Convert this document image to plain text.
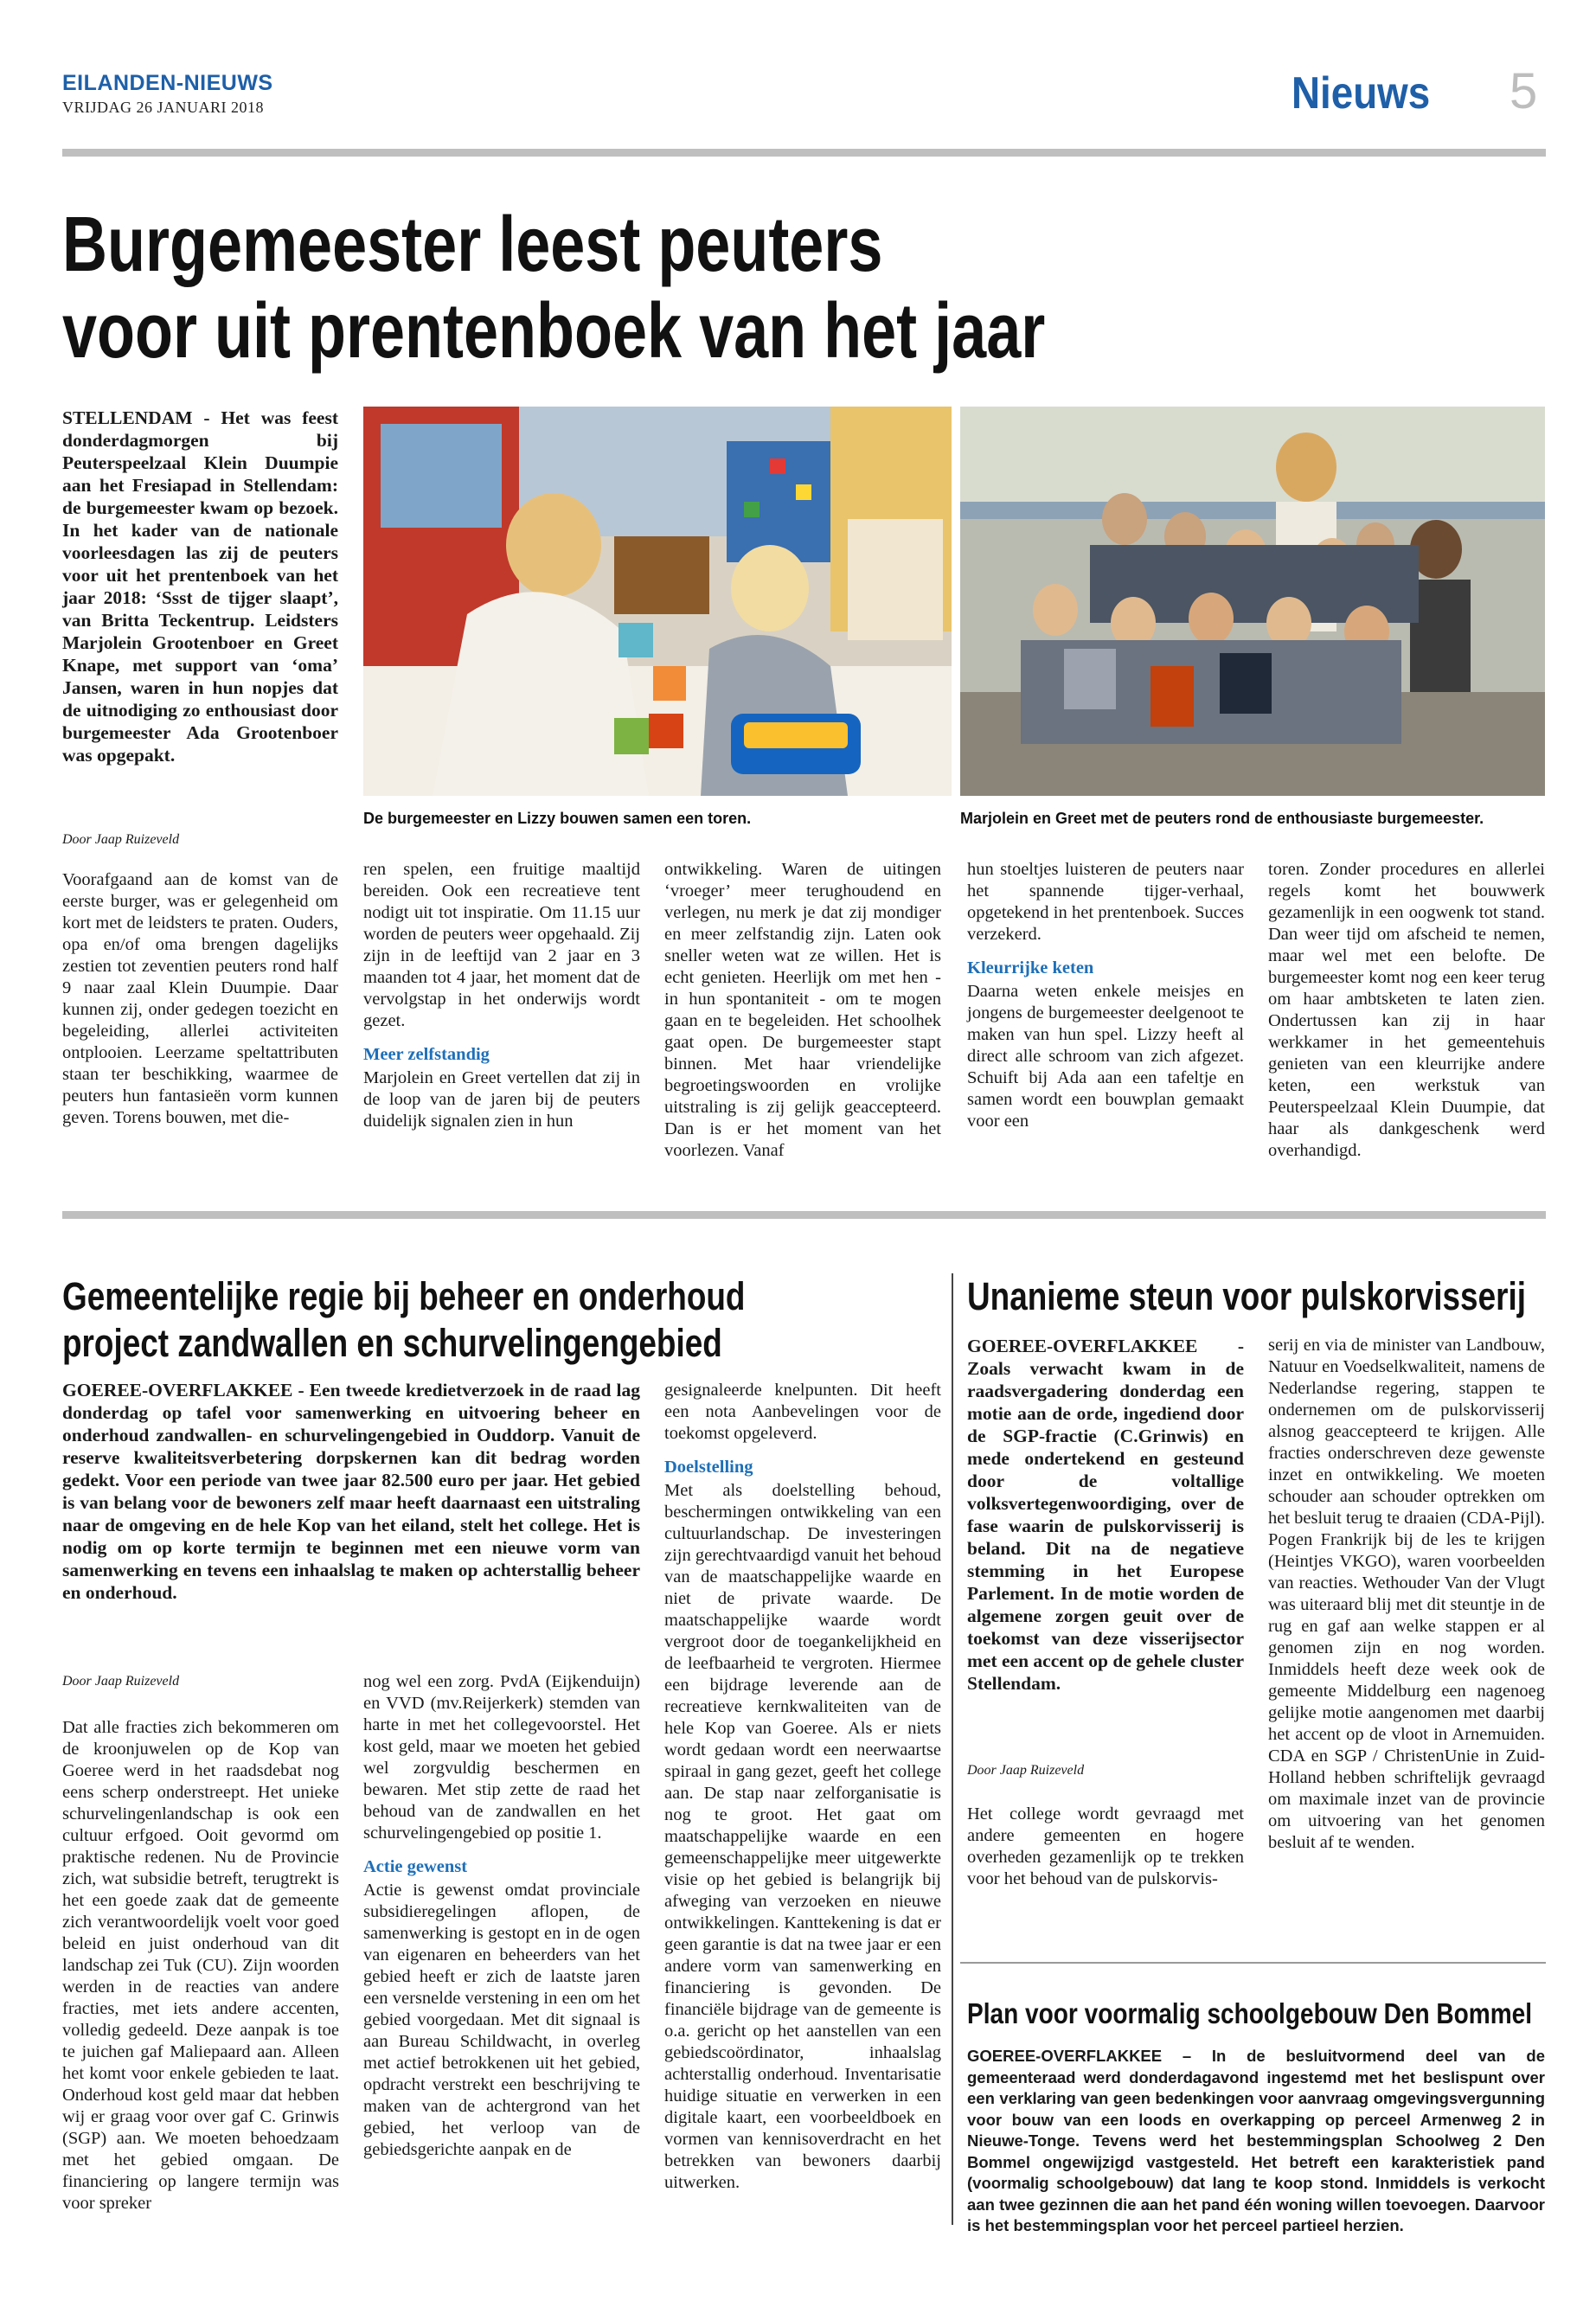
EILANDEN-NIEUWS
VRIJDAG 26 JANUARI 2018	Nieuws 5
Burgemeester leest peuters
voor uit prentenboek van het jaar

STELLENDAM - Het was feest donderdagmorgen bij Peuterspeelzaal Klein Duumpie aan het Fresiapad in Stellendam: de burgemeester kwam op bezoek. In het kader van de nationale voorleesdagen las zij de peuters voor uit het prentenboek van het jaar 2018: ‘Ssst de tijger slaapt’, van Britta Teckentrup. Leidsters Marjolein Grootenboer en Greet Knape, met support van ‘oma’ Jansen, waren in hun nopjes dat de uitnodiging zo enthousiast door burgemeester Ada Grootenboer was opgepakt.

Door Jaap Ruizeveld

Voorafgaand aan de komst van de eerste burger, was er gelegenheid om kort met de leidsters te praten. Ouders, opa en/of oma brengen dagelijks zestien tot zeventien peuters rond half 9 naar zaal Klein Duumpie. Daar kunnen zij, onder gedegen toezicht en begeleiding, allerlei activiteiten ontplooien. Leerzame speltattributen staan ter beschikking, waarmee de peuters hun fantasieën vorm kunnen geven. Torens bouwen, met die-

De burgemeester en Lizzy bouwen samen een toren.	Marjolein en Greet met de peuters rond de enthousiaste burgemeester.

ren spelen, een fruitige maaltijd bereiden. Ook een recreatieve tent nodigt uit tot inspiratie. Om 11.15 uur worden de peuters weer opgehaald. Zij zijn in de leeftijd van 2 jaar en 3 maanden tot 4 jaar, het moment dat de vervolgstap in het onderwijs wordt gezet.

Meer zelfstandig

Marjolein en Greet vertellen dat zij in de loop van de jaren bij de peuters duidelijk signalen zien in hun

ontwikkeling. Waren de uitingen ‘vroeger’ meer terughoudend en verlegen, nu merk je dat zij mondiger en meer zelfstandig zijn. Laten ook sneller weten wat ze willen. Het is echt genieten. Heerlijk om met hen - in hun spontaniteit - om te mogen gaan en te begeleiden. Het schoolhek gaat open. De burgemeester stapt binnen. Met haar vriendelijke begroetingswoorden en vrolijke uitstraling is zij gelijk geaccepteerd. Dan is er het moment van het voorlezen. Vanaf

hun stoeltjes luisteren de peuters naar het spannende tijger-verhaal, opgetekend in het prentenboek. Succes verzekerd.

Kleurrijke keten

Daarna weten enkele meisjes en jongens de burgemeester deelgenoot te maken van hun spel. Lizzy heeft al direct alle schroom van zich afgezet. Schuift bij Ada aan een tafeltje en samen wordt een bouwplan gemaakt voor een

toren. Zonder procedures en allerlei regels komt het bouwwerk gezamenlijk in een oogwenk tot stand. Dan weer tijd om afscheid te nemen, maar wel met een belofte. De burgemeester komt nog een keer terug om haar ambtsketen te laten zien. Ondertussen kan zij in haar werkkamer in het gemeentehuis genieten van een kleurrijke andere keten, een werkstuk van Peuterspeelzaal Klein Duumpie, dat haar als dankgeschenk werd overhandigd.

Gemeentelijke regie bij beheer en onderhoud
project zandwallen en schurvelingengebied

GOEREE-OVERFLAKKEE - Een tweede kredietverzoek in de raad lag donderdag op tafel voor samenwerking en uitvoering beheer en onderhoud zandwallen- en schurvelingengebied in Ouddorp. Vanuit de reserve kwaliteitsverbetering dorpskernen kan dit bedrag worden gedekt. Voor een periode van twee jaar 82.500 euro per jaar. Het gebied is van belang voor de bewoners zelf maar heeft daarnaast een uitstraling naar de omgeving en de hele Kop van het eiland, stelt het college. Het is nodig om op korte termijn te beginnen met een nieuwe vorm van samenwerking en tevens een inhaalslag te maken op achterstallig beheer en onderhoud.

Door Jaap Ruizeveld

Dat alle fracties zich bekommeren om de kroonjuwelen op de Kop van Goeree werd in het raadsdebat nog eens scherp onderstreept. Het unieke schurvelingenlandschap is ook een cultuur erfgoed. Ooit gevormd om praktische redenen. Nu de Provincie zich, wat subsidie betreft, terugtrekt is het een goede zaak dat de gemeente zich verantwoordelijk voelt voor goed beleid en juist onderhoud van dit landschap zei Tuk (CU). Zijn woorden werden in de reacties van andere fracties, met iets andere accenten, volledig gedeeld. Deze aanpak is toe te juichen gaf Maliepaard aan. Alleen het komt voor enkele gebieden te laat. Onderhoud kost geld maar dat hebben wij er graag voor over gaf C. Grinwis (SGP) aan. We moeten behoedzaam met het gebied omgaan. De financiering op langere termijn was voor spreker

nog wel een zorg. PvdA (Eijkenduijn) en VVD (mv.Reijerkerk) stemden van harte in met het collegevoorstel. Het kost geld, maar we moeten het gebied wel zorgvuldig beschermen en bewaren. Met stip zette de raad het behoud van de zandwallen en het schurvelingengebied op positie 1.

Actie gewenst

Actie is gewenst omdat provinciale subsidieregelingen aflopen, de samenwerking is gestopt en in de ogen van eigenaren en beheerders van het gebied heeft er zich de laatste jaren een versnelde verstening in een om het gebied voorgedaan. Met dit signaal is aan Bureau Schildwacht, in overleg met actief betrokkenen uit het gebied, opdracht verstrekt een beschrijving te maken van de achtergrond van het gebied, het verloop van de gebiedsgerichte aanpak en de

gesignaleerde knelpunten. Dit heeft een nota Aanbevelingen voor de toekomst opgeleverd.

Doelstelling

Met als doelstelling behoud, beschermingen ontwikkeling van een cultuurlandschap. De investeringen zijn gerechtvaardigd vanuit het behoud van de maatschappelijke waarde en niet de private waarde. De maatschappelijke waarde wordt vergroot door de toegankelijkheid en de leefbaarheid te vergroten. Hiermee een bijdrage leverende aan de recreatieve kernkwaliteiten van de hele Kop van Goeree. Als er niets wordt gedaan wordt een neerwaartse spiraal in gang gezet, geeft het college aan. De stap naar zelforganisatie is nog te groot. Het gaat om maatschappelijke waarde en een gemeenschappelijke meer uitgewerkte visie op het gebied is belangrijk bij afweging van verzoeken en nieuwe ontwikkelingen. Kanttekening is dat er geen garantie is dat na twee jaar er een andere vorm van samenwerking en financiering is gevonden. De financiële bijdrage van de gemeente is o.a. gericht op het aanstellen van een gebiedscoördinator, inhaalslag achterstallig onderhoud. Inventarisatie huidige situatie en verwerken in een digitale kaart, een voorbeeldboek en vormen van kennisoverdracht en het betrekken van bewoners daarbij uitwerken.

Unanieme steun voor pulskorvisserij

GOEREE-OVERFLAKKEE - Zoals verwacht kwam in de raadsvergadering donderdag een motie aan de orde, ingediend door de SGP-fractie (C.Grinwis) en mede ondertekend en gesteund door de voltallige volksvertegenwoordiging, over de fase waarin de pulskorvisserij is beland. Dit na de negatieve stemming in het Europese Parlement. In de motie worden de algemene zorgen geuit over de toekomst van deze visserijsector met een accent op de gehele cluster Stellendam.

Door Jaap Ruizeveld

Het college wordt gevraagd met andere gemeenten en hogere overheden gezamenlijk op te trekken voor het behoud van de pulskorvis-

serij en via de minister van Landbouw, Natuur en Voedselkwaliteit, namens de Nederlandse regering, stappen te ondernemen om de pulskorvisserij alsnog geaccepteerd te krijgen. Alle fracties onderschreven deze gewenste inzet en ontwikkeling. We moeten schouder aan schouder optrekken om het besluit terug te draaien (CDA-Pijl). Pogen Frankrijk bij de les te krijgen (Heintjes VKGO), waren voorbeelden van reacties. Wethouder Van der Vlugt was uiteraard blij met dit steuntje in de rug en gaf aan welke stappen er al genomen zijn en nog worden. Inmiddels heeft deze week ook de gemeente Middelburg een nagenoeg gelijke motie aangenomen met daarbij het accent op de vloot in Arnemuiden. CDA en SGP / ChristenUnie in Zuid-Holland hebben schriftelijk gevraagd om maximale inzet van de provincie om uitvoering van het genomen besluit af te wenden.

Plan voor voormalig schoolgebouw Den Bommel

GOEREE-OVERFLAKKEE – In de besluitvormend deel van de gemeenteraad werd donderdagavond ingestemd met het beslispunt over een verklaring van geen bedenkingen voor aanvraag omgevingsvergunning voor bouw van een loods en overkapping op perceel Armenweg 2 in Nieuwe-Tonge. Tevens werd het bestemmingsplan Schoolweg 2 Den Bommel ongewijzigd vastgesteld. Het betreft een karakteristiek pand (voormalig schoolgebouw) dat lang te koop stond. Inmiddels is verkocht aan twee gezinnen die aan het pand één woning willen toevoegen. Daarvoor is het bestemmingsplan voor het perceel partieel herzien.
